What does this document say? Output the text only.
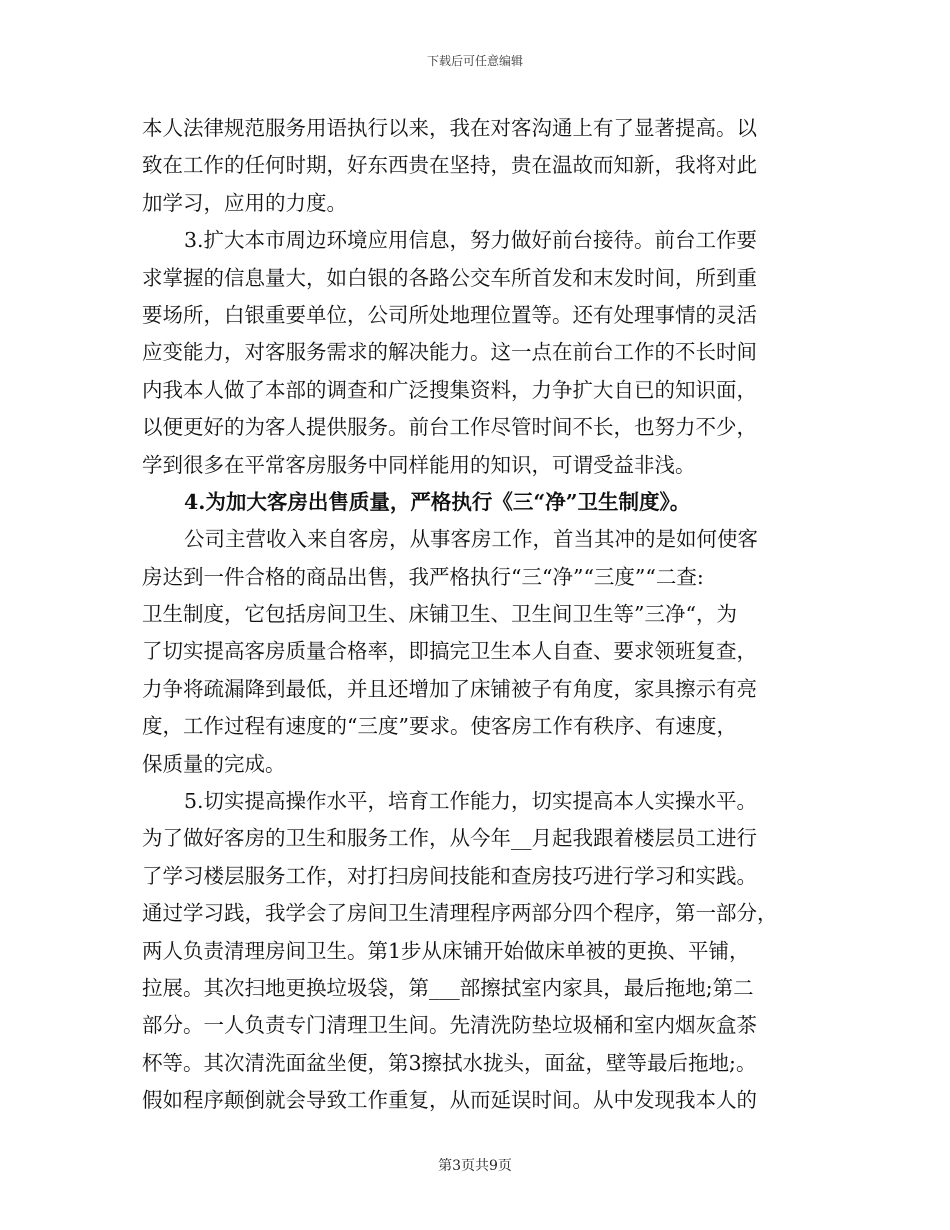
下载后可任意编辑
本人法律规范服务用语执行以来，我在对客沟通上有了显著提高。以
致在工作的任何时期，好东西贵在坚持，贵在温故而知新，我将对此
加学习，应用的力度。
3.扩大本市周边环境应用信息，努力做好前台接待。前台工作要
求掌握的信息量大，如白银的各路公交车所首发和末发时间，所到重
要场所，白银重要单位，公司所处地理位置等。还有处理事情的灵活
应变能力，对客服务需求的解决能力。这一点在前台工作的不长时间
内我本人做了本部的调查和广泛搜集资料，力争扩大自已的知识面，
以便更好的为客人提供服务。前台工作尽管时间不长，也努力不少，
学到很多在平常客房服务中同样能用的知识，可谓受益非浅。
4.为加大客房出售质量，严格执行《三“净”卫生制度》。
公司主营收入来自客房，从事客房工作，首当其冲的是如何使客
房达到一件合格的商品出售，我严格执行“三“净”“三度”“二查:
卫生制度，它包括房间卫生、床铺卫生、卫生间卫生等”三净“，为
了切实提高客房质量合格率，即搞完卫生本人自查、要求领班复查，
力争将疏漏降到最低，并且还增加了床铺被子有角度，家具擦示有亮
度，工作过程有速度的“三度”要求。使客房工作有秩序、有速度，
保质量的完成。
5.切实提高操作水平，培育工作能力，切实提高本人实操水平。
为了做好客房的卫生和服务工作，从今年__月起我跟着楼层员工进行
了学习楼层服务工作，对打扫房间技能和查房技巧进行学习和实践。
通过学习践，我学会了房间卫生清理程序两部分四个程序，第一部分，
两人负责清理房间卫生。第1步从床铺开始做床单被的更换、平铺，
拉展。其次扫地更换垃圾袋，第___部擦拭室内家具，最后拖地;第二
部分。一人负责专门清理卫生间。先清洗防垫垃圾桶和室内烟灰盒茶
杯等。其次清洗面盆坐便，第3擦拭水拢头，面盆，壁等最后拖地;。
假如程序颠倒就会导致工作重复，从而延误时间。从中发现我本人的
第3页共9页
